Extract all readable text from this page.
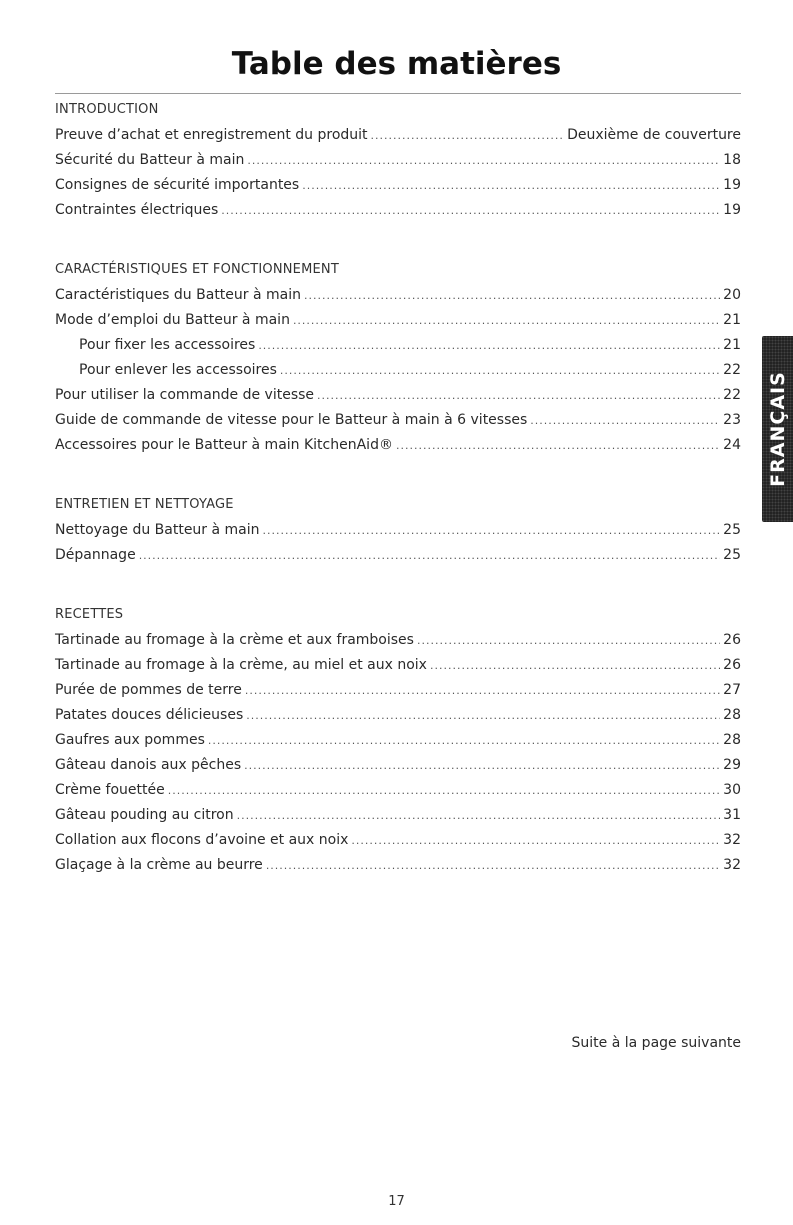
Table des matières
INTRODUCTION
Preuve d’achat et enregistrement du produit .....	Deuxième de couverture
Sécurité du Batteur à main .....	18
Consignes de sécurité importantes .....	19
Contraintes électriques .....	19
CARACTÉRISTIQUES ET FONCTIONNEMENT
Caractéristiques du Batteur à main .....	20
Mode d’emploi du Batteur à main .....	21
Pour fixer les accessoires .....	21
Pour enlever les accessoires .....	22
Pour utiliser la commande de vitesse .....	22
Guide de commande de vitesse pour le Batteur à main à 6 vitesses .....	23
Accessoires pour le Batteur à main KitchenAid® .....	24
ENTRETIEN ET NETTOYAGE
Nettoyage du Batteur à main .....	25
Dépannage .....	25
RECETTES
Tartinade au fromage à la crème et aux framboises .....	26
Tartinade au fromage à la crème, au miel et aux noix .....	26
Purée de pommes de terre .....	27
Patates douces délicieuses .....	28
Gaufres aux pommes .....	28
Gâteau danois aux pêches .....	29
Crème fouettée .....	30
Gâteau pouding au citron .....	31
Collation aux flocons d’avoine et aux noix .....	32
Glaçage à la crème au beurre .....	32
Suite à la page suivante
17
FRANÇAIS
